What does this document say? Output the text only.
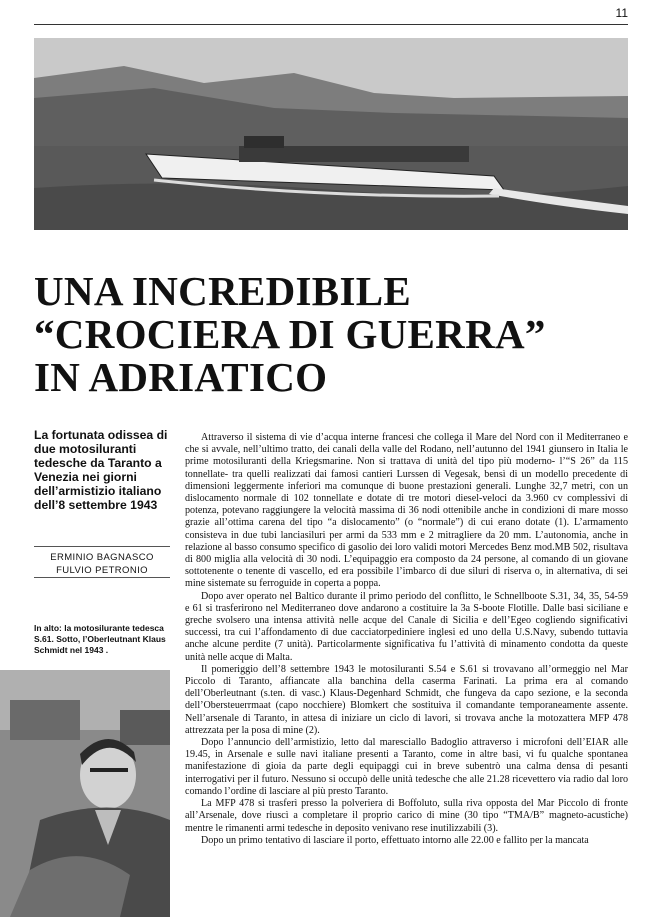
11
UNA INCREDIBILE
“CROCIERA DI GUERRA”
IN ADRIATICO

La fortunata odissea di due motosiluranti tedesche da Taranto a Venezia nei giorni dell’armistizio italiano dell’8 settembre 1943

ERMINIO BAGNASCO
FULVIO PETRONIO

In alto: la motosilurante tedesca S.61. Sotto, l’Oberleutnant Klaus Schmidt nel 1943 .

Attraverso il sistema di vie d’acqua interne francesi che collega il Mare del Nord con il Mediterraneo e che si avvale, nell’ultimo tratto, dei canali della valle del Rodano, nell’autunno del 1941 giunsero in Italia le prime motosiluranti della Kriegsmarine. Non si trattava di unità del tipo più moderno- l’“S 26” da 115 tonnellate- tra quelli realizzati dai famosi cantieri Lurssen di Vegesak, bensì di un modello precedente di dimensioni leggermente inferiori ma comunque di buone prestazioni generali. Lunghe 32,7 metri, con un dislocamento normale di 102 tonnellate e dotate di tre motori diesel-veloci da 3.960 cv complessivi di potenza, potevano raggiungere la velocità massima di 36 nodi ottenibile anche in condizioni di mare mosso grazie all’ottima carena del tipo “a dislocamento” (o “normale”) di cui erano dotate (1). L’armamento consisteva in due tubi lanciasiluri per armi da 533 mm e 2 mitragliere da 20 mm. L’autonomia, anche in relazione al basso consumo specifico di gasolio dei loro validi motori Mercedes Benz mod.MB 502, risultava di 800 miglia alla velocità di 30 nodi. L’equipaggio era composto da 24 persone, al comando di un giovane sottotenente o tenente di vascello, ed era possibile l’imbarco di due siluri di riserva o, in alternativa, di sei mine sistemate su ferroguide in coperta a poppa.

Dopo aver operato nel Baltico durante il primo periodo del conflitto, le Schnellboote S.31, 34, 35, 54-59 e 61 si trasferirono nel Mediterraneo dove andarono a costituire la 3a S-boote Flotille. Dalle basi siciliane e greche svolsero una intensa attività nelle acque del Canale di Sicilia e dell’Egeo cogliendo significativi successi, tra cui l’affondamento di due cacciatorpediniere inglesi ed uno della U.S.Navy, subendo tuttavia anche alcune perdite (7 unità). Particolarmente significativa fu l’attività di minamento condotta da queste unità nelle acque di Malta.

Il pomeriggio dell’8 settembre 1943 le motosiluranti S.54 e S.61 si trovavano all’ormeggio nel Mar Piccolo di Taranto, affiancate alla banchina della caserma Farinati. La prima era al comando dell’Oberleutnant (s.ten. di vasc.) Klaus-Degenhard Schmidt, che fungeva da capo sezione, e la seconda dell’Obersteuerrmaat (capo nocchiere) Blomkert che sostituiva il comandante temporaneamente assente. Nell’arsenale di Taranto, in attesa di iniziare un ciclo di lavori, si trovava anche la motozattera MFP 478 attrezzata per la posa di mine (2).

Dopo l’annuncio dell’armistizio, letto dal maresciallo Badoglio attraverso i microfoni dell’EIAR alle 19.45, in Arsenale e sulle navi italiane presenti a Taranto, come in altre basi, vi fu qualche spontanea manifestazione di gioia da parte degli equipaggi cui in breve subentrò una calma densa di pesanti interrogativi per il futuro. Nessuno si occupò delle unità tedesche che alle 21.28 ricevettero via radio dal loro comando l’ordine di lasciare al più presto Taranto.

La MFP 478 si trasferì presso la polveriera di Boffoluto, sulla riva opposta del Mar Piccolo di fronte all’Arsenale, dove riuscì a completare il proprio carico di mine (30 tipo “TMA/B” magneto-acustiche) mentre le rimanenti armi tedesche in deposito venivano rese inutilizzabili (3).

Dopo un primo tentativo di lasciare il porto, effettuato intorno alle 22.00 e fallito per la mancata
